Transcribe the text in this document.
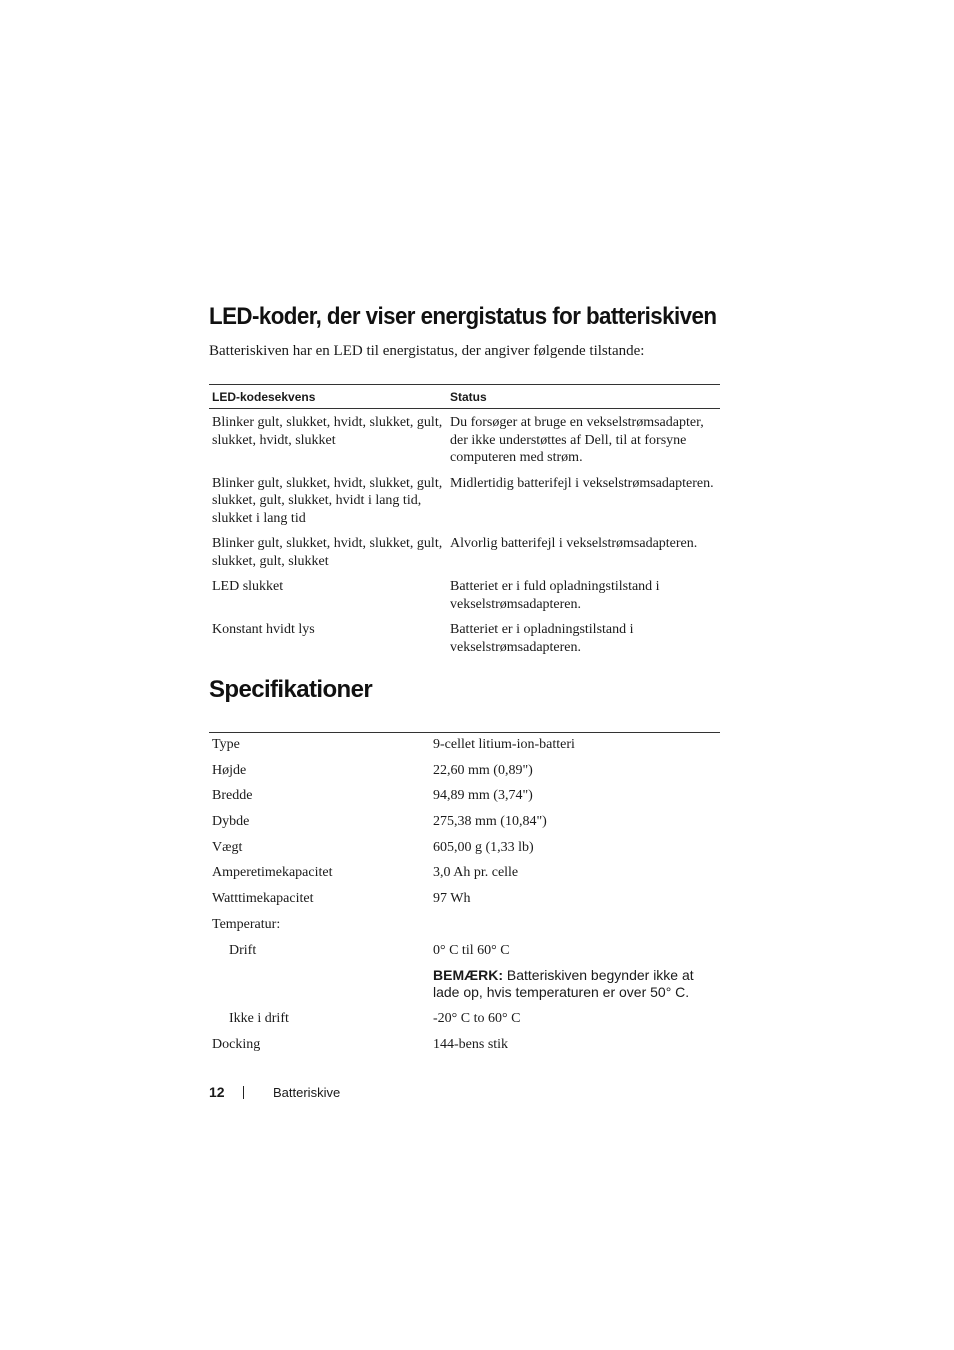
LED-koder, der viser energistatus for batteriskiven
Batteriskiven har en LED til energistatus, der angiver følgende tilstande:
LED-kodesekvens	Status
Blinker gult, slukket, hvidt, slukket, gult, slukket, hvidt, slukket	Du forsøger at bruge en vekselstrømsadapter, der ikke understøttes af Dell, til at forsyne computeren med strøm.
Blinker gult, slukket, hvidt, slukket, gult, slukket, gult, slukket, hvidt i lang tid, slukket i lang tid	Midlertidig batterifejl i vekselstrømsadapteren.
Blinker gult, slukket, hvidt, slukket, gult, slukket, gult, slukket	Alvorlig batterifejl i vekselstrømsadapteren.
LED slukket	Batteriet er i fuld opladningstilstand i vekselstrømsadapteren.
Konstant hvidt lys	Batteriet er i opladningstilstand i vekselstrømsadapteren.
Specifikationer
Type	9-cellet litium-ion-batteri
Højde	22,60 mm (0,89")
Bredde	94,89 mm (3,74")
Dybde	275,38 mm (10,84")
Vægt	605,00 g (1,33 lb)
Amperetimekapacitet	3,0 Ah pr. celle
Watttimekapacitet	97 Wh
Temperatur:	
Drift	0° C til 60° C
	BEMÆRK: Batteriskiven begynder ikke at lade op, hvis temperaturen er over 50° C.
Ikke i drift	-20° C to 60° C
Docking	144-bens stik
12	Batteriskive
